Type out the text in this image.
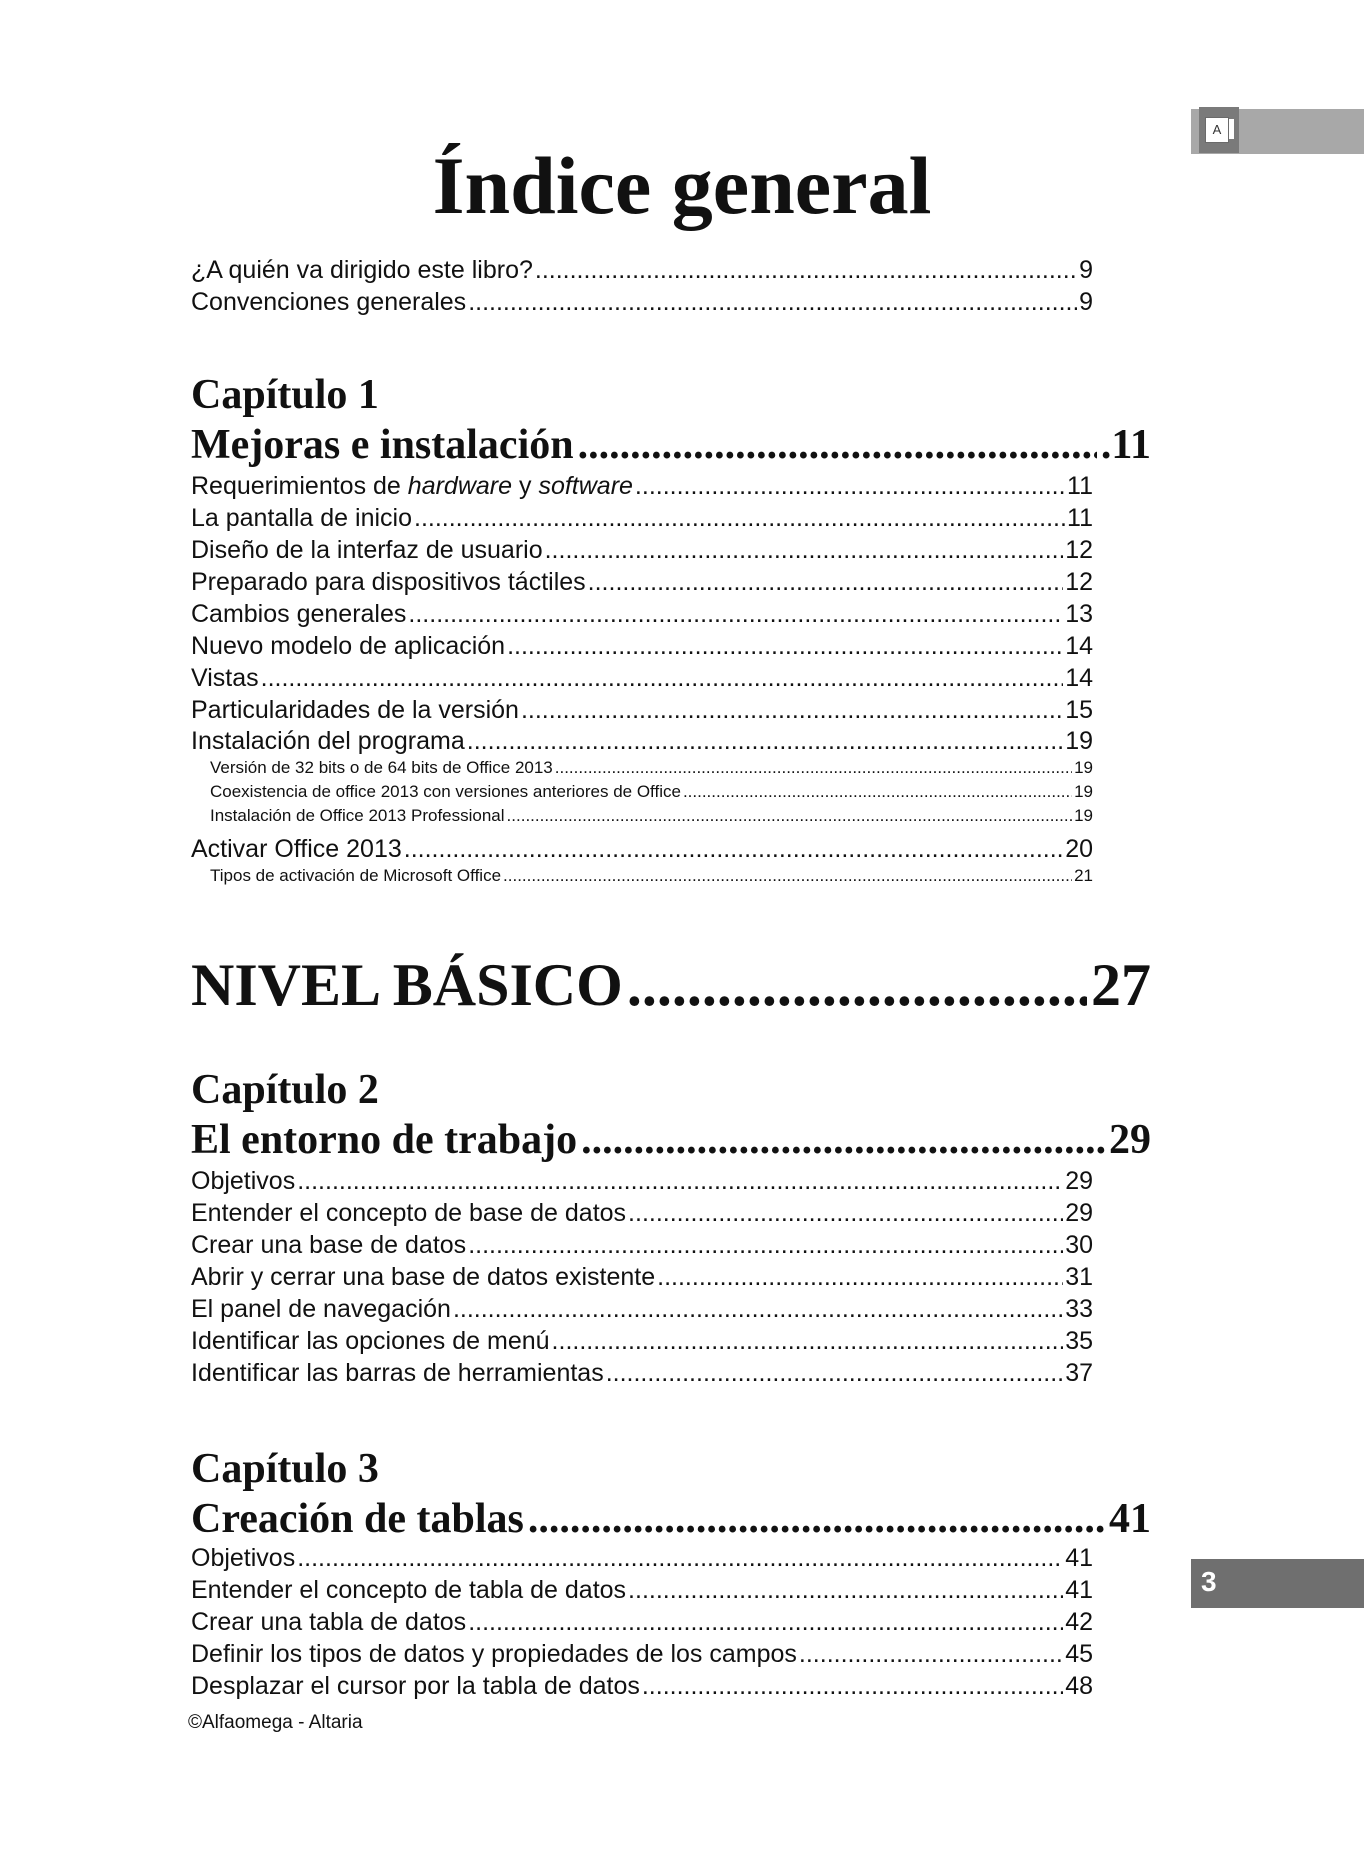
A
3
Índice general
¿A quién va dirigido este libro? .....	9
Convenciones generales .....	9
Capítulo 1
Mejoras e instalación .....	.11
Requerimientos de hardware y software .....	11
La pantalla de inicio .....	11
Diseño de la interfaz de usuario .....	12
Preparado para dispositivos táctiles .....	12
Cambios generales .....	13
Nuevo modelo de aplicación .....	14
Vistas .....	14
Particularidades de la versión .....	15
Instalación del programa .....	19
Versión de 32 bits o de 64 bits de Office 2013 .....	19
Coexistencia de office 2013 con versiones anteriores de Office .....	19
Instalación de Office 2013 Professional .....	19
Activar Office 2013 .....	20
Tipos de activación de Microsoft Office .....	21
NIVEL BÁSICO .....	27
Capítulo 2
El entorno de trabajo .....	29
Objetivos .....	29
Entender el concepto de base de datos .....	29
Crear una base de datos .....	30
Abrir y cerrar una base de datos existente .....	31
El panel de navegación .....	33
Identificar las opciones de menú .....	35
Identificar las barras de herramientas .....	37
Capítulo 3
Creación de tablas .....	41
Objetivos .....	41
Entender el concepto de tabla de datos .....	41
Crear una tabla de datos .....	42
Definir los tipos de datos y propiedades de los campos .....	45
Desplazar el cursor por la tabla de datos .....	48
©Alfaomega - Altaria
